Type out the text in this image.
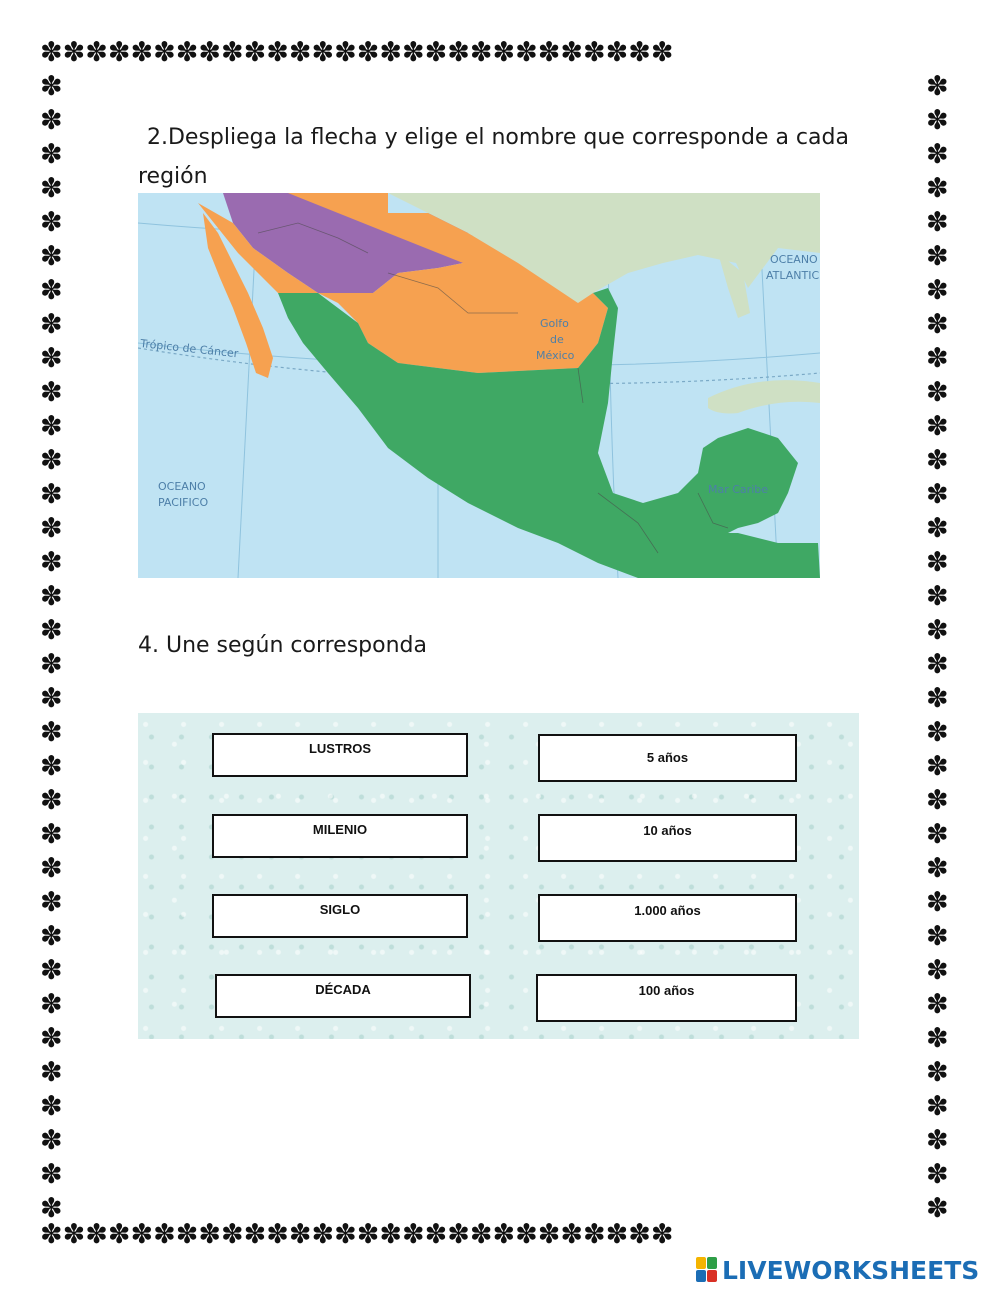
✽✽✽✽✽✽✽✽✽✽✽✽✽✽✽✽✽✽✽✽✽✽✽✽✽✽✽✽
✽✽✽✽✽✽✽✽✽✽✽✽✽✽✽✽✽✽✽✽✽✽✽✽✽✽✽✽
✽
✽
✽
✽
✽
✽
✽
✽
✽
✽
✽
✽
✽
✽
✽
✽
✽
✽
✽
✽
✽
✽
✽
✽
✽
✽
✽
✽
✽
✽
✽
✽
✽
✽
✽
✽
✽
✽
✽
✽
✽
✽
✽
✽
✽
✽
✽
✽
✽
✽
✽
✽
✽
✽
✽
✽
✽
✽
✽
✽
✽
✽
✽
✽
✽
✽
✽
✽
2.Despliega la flecha y elige el nombre que corresponde a cada región
Golfo
de
México
OCEANO
PACIFICO
OCEANO
ATLANTIC
Mar Caribe
Trópico de Cáncer
4. Une según corresponda
LUSTROS
MILENIO
SIGLO
DÉCADA
5 años
10 años
1.000 años
100 años
LIVEWORKSHEETS
